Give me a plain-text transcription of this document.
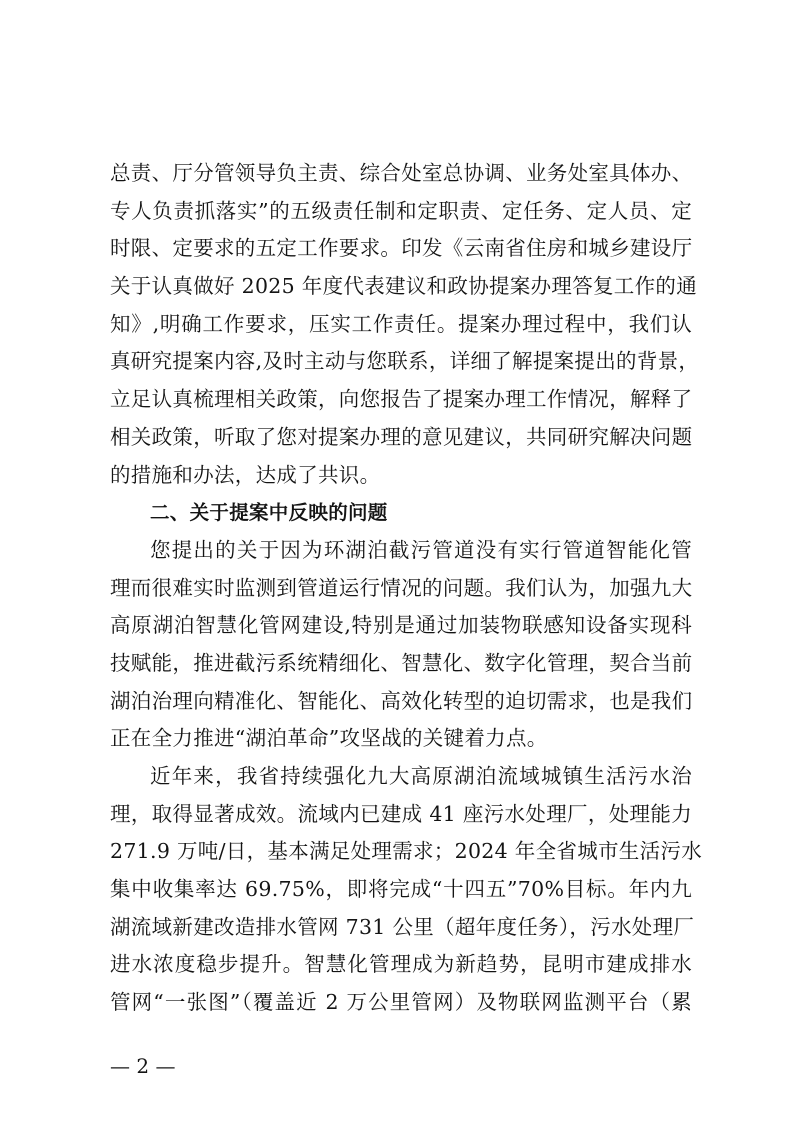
总责、厅分管领导负主责、综合处室总协调、业务处室具体办、
专人负责抓落实”的五级责任制和定职责、定任务、定人员、定
时限、定要求的五定工作要求。印发《云南省住房和城乡建设厅
关于认真做好 2025 年度代表建议和政协提案办理答复工作的通
知》,明确工作要求，压实工作责任。提案办理过程中，我们认
真研究提案内容,及时主动与您联系，详细了解提案提出的背景，
立足认真梳理相关政策，向您报告了提案办理工作情况，解释了
相关政策，听取了您对提案办理的意见建议，共同研究解决问题
的措施和办法，达成了共识。
二、关于提案中反映的问题
您提出的关于因为环湖泊截污管道没有实行管道智能化管
理而很难实时监测到管道运行情况的问题。我们认为，加强九大
高原湖泊智慧化管网建设,特别是通过加装物联感知设备实现科
技赋能，推进截污系统精细化、智慧化、数字化管理，契合当前
湖泊治理向精准化、智能化、高效化转型的迫切需求，也是我们
正在全力推进“湖泊革命”攻坚战的关键着力点。
近年来，我省持续强化九大高原湖泊流域城镇生活污水治
理，取得显著成效。流域内已建成 41 座污水处理厂，处理能力
271.9 万吨/日，基本满足处理需求；2024 年全省城市生活污水
集中收集率达 69.75%，即将完成“十四五”70%目标。年内九
湖流域新建改造排水管网 731 公里（超年度任务），污水处理厂
进水浓度稳步提升。智慧化管理成为新趋势，昆明市建成排水
管网“一张图”（覆盖近 2 万公里管网）及物联网监测平台（累
— 2 —
